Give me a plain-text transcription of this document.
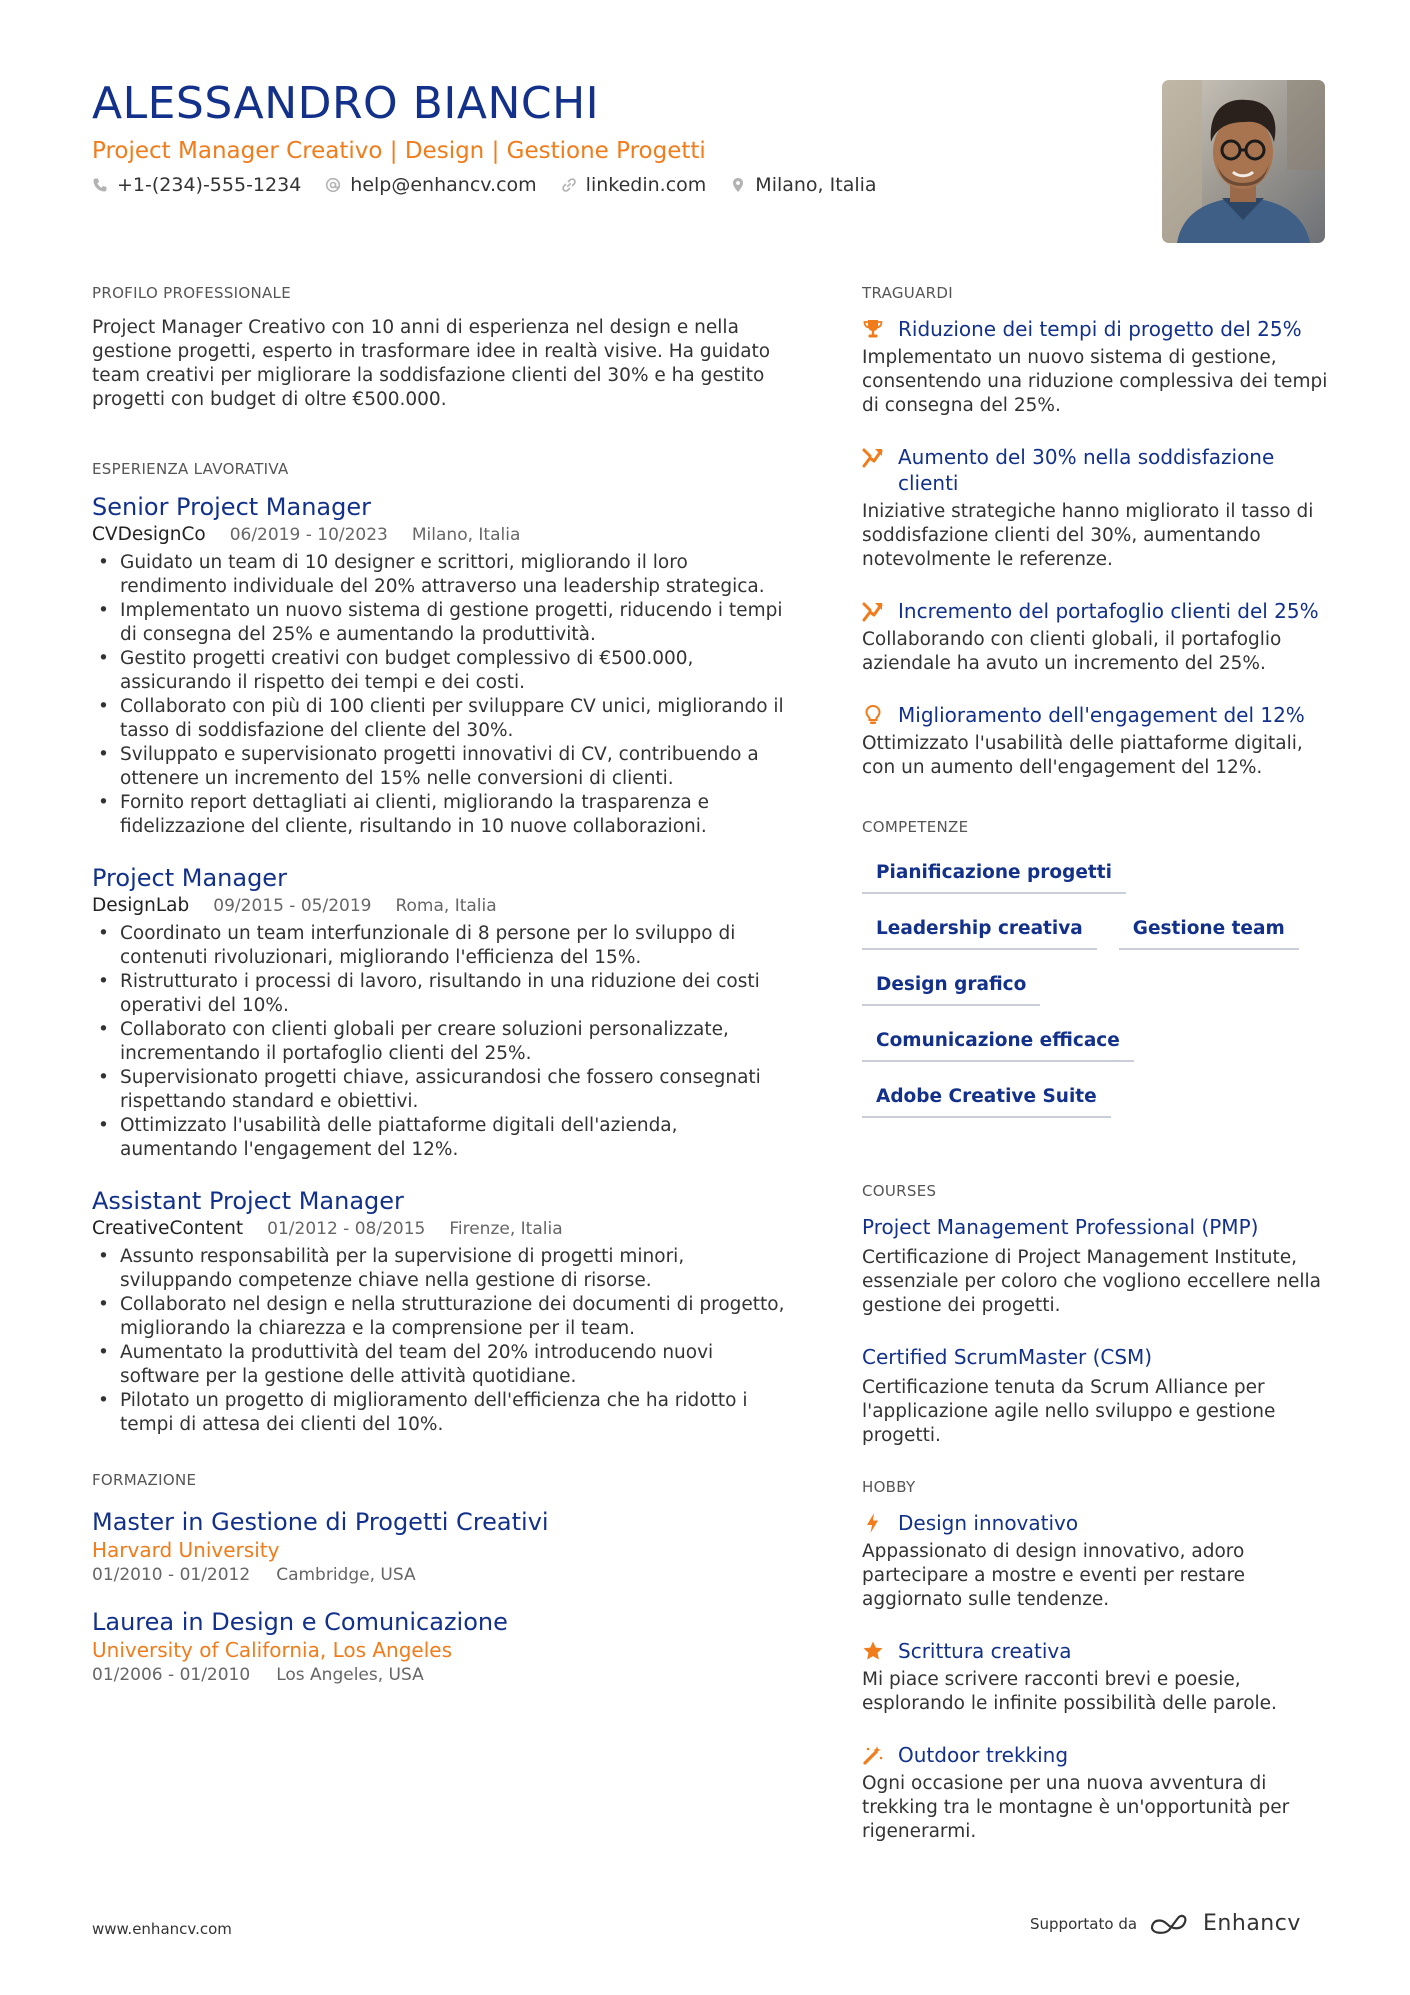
ALESSANDRO BIANCHI
Project Manager Creativo | Design | Gestione Progetti
+1-(234)-555-1234	help@enhancv.com	linkedin.com	Milano, Italia
PROFILO PROFESSIONALE

Project Manager Creativo con 10 anni di esperienza nel design e nella gestione progetti, esperto in trasformare idee in realtà visive. Ha guidato team creativi per migliorare la soddisfazione clienti del 30% e ha gestito progetti con budget di oltre €500.000.

ESPERIENZA LAVORATIVA
Senior Project Manager
CVDesignCo 06/2019 - 10/2023 Milano, Italia
• Guidato un team di 10 designer e scrittori, migliorando il loro rendimento individuale del 20% attraverso una leadership strategica.
• Implementato un nuovo sistema di gestione progetti, riducendo i tempi di consegna del 25% e aumentando la produttività.
• Gestito progetti creativi con budget complessivo di €500.000, assicurando il rispetto dei tempi e dei costi.
• Collaborato con più di 100 clienti per sviluppare CV unici, migliorando il tasso di soddisfazione del cliente del 30%.
• Sviluppato e supervisionato progetti innovativi di CV, contribuendo a ottenere un incremento del 15% nelle conversioni di clienti.
• Fornito report dettagliati ai clienti, migliorando la trasparenza e fidelizzazione del cliente, risultando in 10 nuove collaborazioni.
Project Manager
DesignLab 09/2015 - 05/2019 Roma, Italia
• Coordinato un team interfunzionale di 8 persone per lo sviluppo di contenuti rivoluzionari, migliorando l'efficienza del 15%.
• Ristrutturato i processi di lavoro, risultando in una riduzione dei costi operativi del 10%.
• Collaborato con clienti globali per creare soluzioni personalizzate, incrementando il portafoglio clienti del 25%.
• Supervisionato progetti chiave, assicurandosi che fossero consegnati rispettando standard e obiettivi.
• Ottimizzato l'usabilità delle piattaforme digitali dell'azienda, aumentando l'engagement del 12%.
Assistant Project Manager
CreativeContent 01/2012 - 08/2015 Firenze, Italia
• Assunto responsabilità per la supervisione di progetti minori, sviluppando competenze chiave nella gestione di risorse.
• Collaborato nel design e nella strutturazione dei documenti di progetto, migliorando la chiarezza e la comprensione per il team.
• Aumentato la produttività del team del 20% introducendo nuovi software per la gestione delle attività quotidiane.
• Pilotato un progetto di miglioramento dell'efficienza che ha ridotto i tempi di attesa dei clienti del 10%.
FORMAZIONE
Master in Gestione di Progetti Creativi
Harvard University
01/2010 - 01/2012 Cambridge, USA
Laurea in Design e Comunicazione
University of California, Los Angeles
01/2006 - 01/2010 Los Angeles, USA
TRAGUARDI
Riduzione dei tempi di progetto del 25%
Implementato un nuovo sistema di gestione, consentendo una riduzione complessiva dei tempi di consegna del 25%.
Aumento del 30% nella soddisfazione clienti
Iniziative strategiche hanno migliorato il tasso di soddisfazione clienti del 30%, aumentando notevolmente le referenze.
Incremento del portafoglio clienti del 25%
Collaborando con clienti globali, il portafoglio aziendale ha avuto un incremento del 25%.
Miglioramento dell'engagement del 12%
Ottimizzato l'usabilità delle piattaforme digitali, con un aumento dell'engagement del 12%.
COMPETENZE
Pianificazione progetti
Leadership creativa	Gestione team
Design grafico
Comunicazione efficace
Adobe Creative Suite
COURSES
Project Management Professional (PMP)
Certificazione di Project Management Institute, essenziale per coloro che vogliono eccellere nella gestione dei progetti.
Certified ScrumMaster (CSM)
Certificazione tenuta da Scrum Alliance per l'applicazione agile nello sviluppo e gestione progetti.
HOBBY
Design innovativo
Appassionato di design innovativo, adoro partecipare a mostre e eventi per restare aggiornato sulle tendenze.
Scrittura creativa
Mi piace scrivere racconti brevi e poesie, esplorando le infinite possibilità delle parole.
Outdoor trekking
Ogni occasione per una nuova avventura di trekking tra le montagne è un'opportunità per rigenerarmi.
www.enhancv.com	Supportato da	Enhancv
